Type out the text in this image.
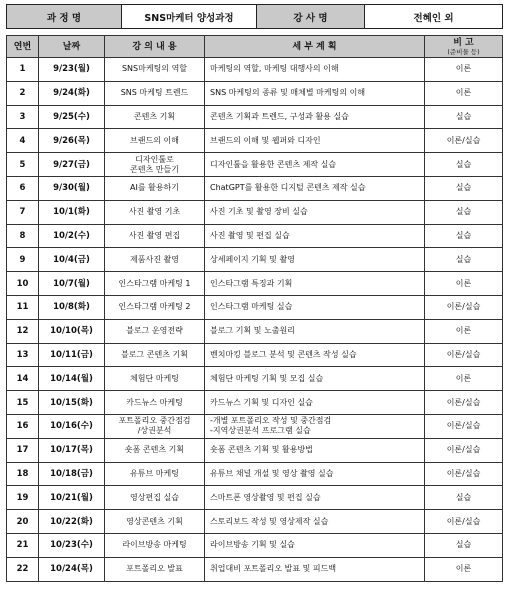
과 정 명	SNS마케터 양성과정	강 사 명	전혜인 외
연번	날짜	강 의 내 용	세 부 계 획	비 고
(준비물 등)

1	9/23(월)	SNS마케팅의 역할	마케팅의 역할, 마케팅 대행사의 이해	이론
2	9/24(화)	SNS 마케팅 트렌드	SNS 마케팅의 종류 및 매체별 마케팅의 이해	이론
3	9/25(수)	콘텐츠 기획	콘텐츠 기획과 트렌드, 구성과 활용 실습	실습
4	9/26(목)	브랜드의 이해	브랜드의 이해 및 웹퍼와 디자인	이론/실습
5	9/27(금)	디자인툴로
콘텐츠 만들기	디자인툴을 활용한 콘텐츠 제작 실습	실습
6	9/30(월)	AI를 활용하기	ChatGPT를 활용한 디지털 콘텐츠 제작 실습	실습
7	10/1(화)	사진 촬영 기초	사진 기초 및 촬영 장비 실습	실습
8	10/2(수)	사진 촬영 편집	사진 촬영 및 편집 실습	실습
9	10/4(금)	제품사진 촬영	상세페이지 기획 및 촬영	실습
10	10/7(월)	인스타그램 마케팅 1	인스타그램 특징과 기획	이론
11	10/8(화)	인스타그램 마케팅 2	인스타그램 마케팅 실습	이론/실습
12	10/10(목)	블로그 운영전략	블로그 기획 및 노출원리	이론
13	10/11(금)	블로그 콘텐츠 기획	벤치마킹 블로그 분석 및 콘텐츠 작성 실습	이론/실습
14	10/14(월)	체험단 마케팅	체험단 마케팅 기획 및 모집 실습	이론
15	10/15(화)	카드뉴스 마케팅	카드뉴스 기획 및 디자인 실습	이론/실습
16	10/16(수)	포트폴리오 중간점검
/상권분석	-개별 포트폴리오 작성 및 중간점검
-지역상권분석 프로그램 실습	이론/실습
17	10/17(목)	숏폼 콘텐츠 기획	숏폼 콘텐츠 기획 및 활용방법	이론/실습
18	10/18(금)	유튜브 마케팅	유튜브 채널 개설 및 영상 촬영 실습	이론/실습
19	10/21(월)	영상편집 실습	스마트폰 영상촬영 및 편집 실습	실습
20	10/22(화)	영상콘텐츠 기획	스토리보드 작성 및 영상제작 실습	이론/실습
21	10/23(수)	라이브방송 마케팅	라이브방송 기획 및 실습	실습
22	10/24(목)	포트폴리오 발표	취업대비 포트폴리오 발표 및 피드백	이론
